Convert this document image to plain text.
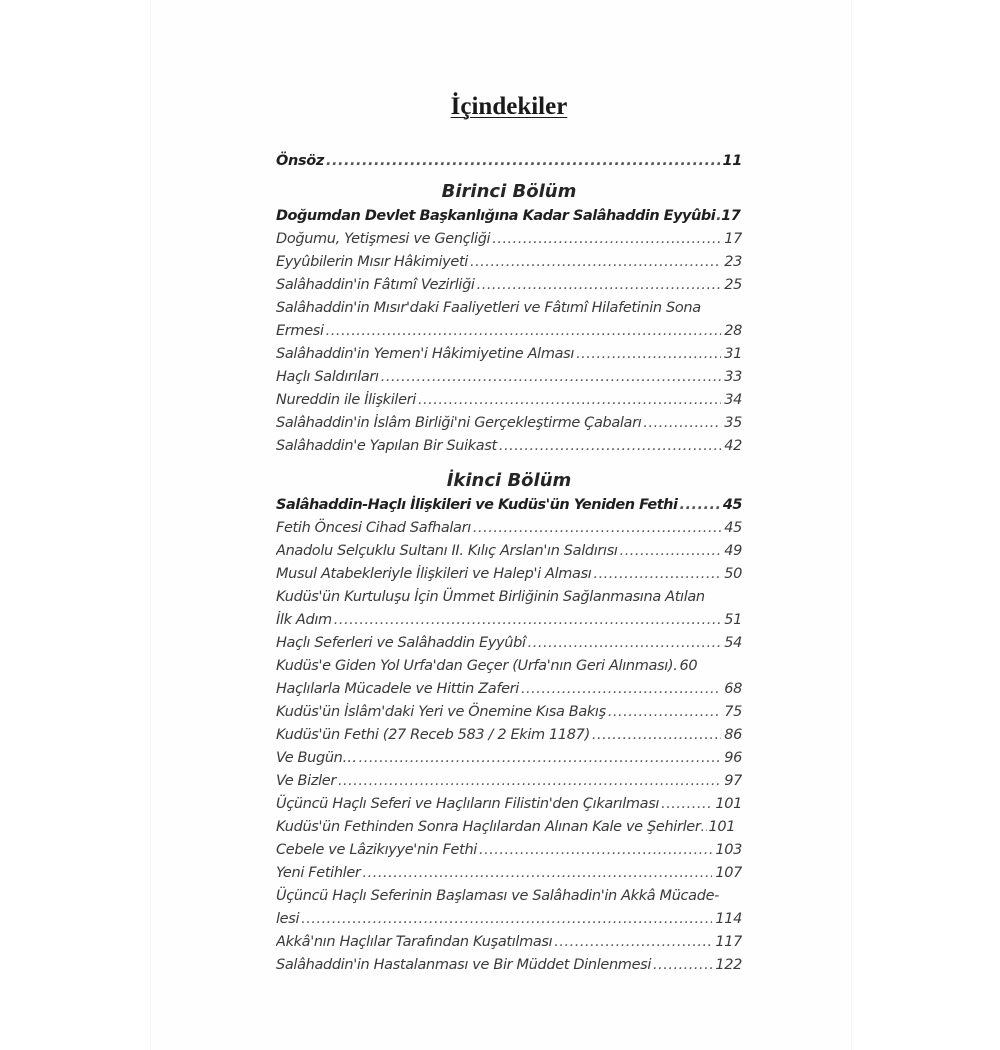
İçindekiler
Önsöz .....	11
Birinci Bölüm
Doğumdan Devlet Başkanlığına Kadar Salâhaddin Eyyûbi ..... 17
Doğumu, Yetişmesi ve Gençliği .....	17
Eyyûbilerin Mısır Hâkimiyeti .....	23
Salâhaddin'in Fâtımî Vezirliği .....	25
Salâhaddin'in Mısır'daki Faaliyetleri ve Fâtımî Hilafetinin Sona
Ermesi .....	28
Salâhaddin'in Yemen'i Hâkimiyetine Alması .....	31
Haçlı Saldırıları .....	33
Nureddin ile İlişkileri .....	34
Salâhaddin'in İslâm Birliği'ni Gerçekleştirme Çabaları .....	35
Salâhaddin'e Yapılan Bir Suikast .....	42
İkinci Bölüm
Salâhaddin-Haçlı İlişkileri ve Kudüs'ün Yeniden Fethi .....	45
Fetih Öncesi Cihad Safhaları .....	45
Anadolu Selçuklu Sultanı II. Kılıç Arslan'ın Saldırısı .....	49
Musul Atabekleriyle İlişkileri ve Halep'i Alması .....	50
Kudüs'ün Kurtuluşu İçin Ümmet Birliğinin Sağlanmasına Atılan
İlk Adım .....	51
Haçlı Seferleri ve Salâhaddin Eyyûbî .....	54
Kudüs'e Giden Yol Urfa'dan Geçer (Urfa'nın Geri Alınması). 60
Haçlılarla Mücadele ve Hittin Zaferi .....	68
Kudüs'ün İslâm'daki Yeri ve Önemine Kısa Bakış .....	75
Kudüs'ün Fethi (27 Receb 583 / 2 Ekim 1187) .....	86
Ve Bugün… .....	96
Ve Bizler .....	97
Üçüncü Haçlı Seferi ve Haçlıların Filistin'den Çıkarılması .....	101
Kudüs'ün Fethinden Sonra Haçlılardan Alınan Kale ve Şehirler ..... 101
Cebele ve Lâzikıyye'nin Fethi .....	103
Yeni Fetihler .....	107
Üçüncü Haçlı Seferinin Başlaması ve Salâhadin'in Akkâ Mücade-
lesi .....	114
Akkâ'nın Haçlılar Tarafından Kuşatılması .....	117
Salâhaddin'in Hastalanması ve Bir Müddet Dinlenmesi .....	122
